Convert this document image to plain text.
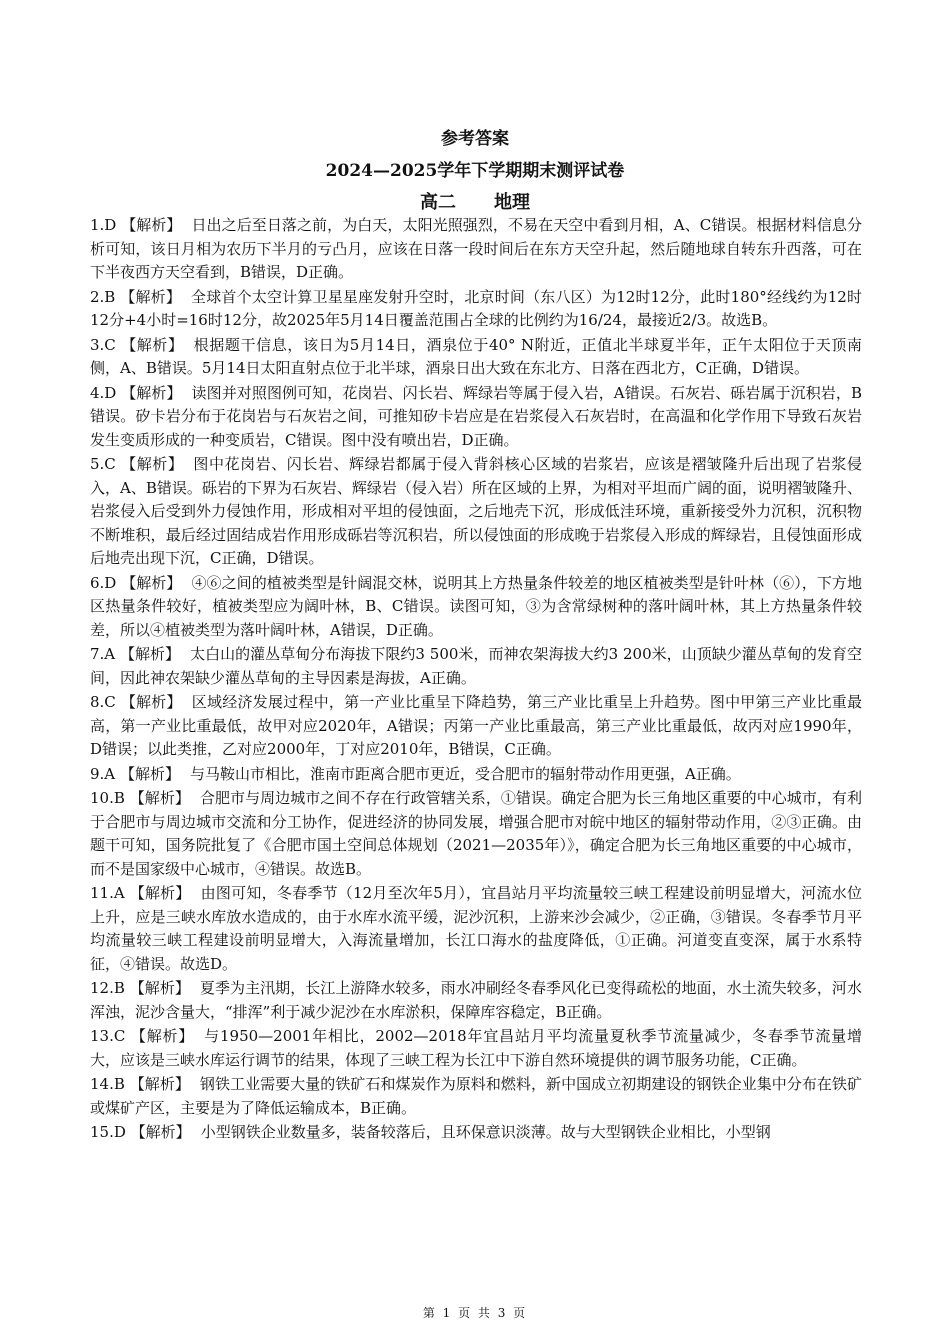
参考答案
2024—2025学年下学期期末测评试卷
高二 地理

1.D 【解析】 日出之后至日落之前，为白天，太阳光照强烈，不易在天空中看到月相，A、C错误。根据材料信息分析可知，该日月相为农历下半月的亏凸月，应该在日落一段时间后在东方天空升起，然后随地球自转东升西落，可在下半夜西方天空看到，B错误，D正确。

2.B 【解析】 全球首个太空计算卫星星座发射升空时，北京时间（东八区）为12时12分，此时180°经线约为12时12分+4小时=16时12分，故2025年5月14日覆盖范围占全球的比例约为16/24，最接近2/3。故选B。

3.C 【解析】 根据题干信息，该日为5月14日，酒泉位于40° N附近，正值北半球夏半年，正午太阳位于天顶南侧，A、B错误。5月14日太阳直射点位于北半球，酒泉日出大致在东北方、日落在西北方，C正确，D错误。

4.D 【解析】 读图并对照图例可知，花岗岩、闪长岩、辉绿岩等属于侵入岩，A错误。石灰岩、砾岩属于沉积岩，B错误。矽卡岩分布于花岗岩与石灰岩之间，可推知矽卡岩应是在岩浆侵入石灰岩时，在高温和化学作用下导致石灰岩发生变质形成的一种变质岩，C错误。图中没有喷出岩，D正确。

5.C 【解析】 图中花岗岩、闪长岩、辉绿岩都属于侵入背斜核心区域的岩浆岩，应该是褶皱隆升后出现了岩浆侵入，A、B错误。砾岩的下界为石灰岩、辉绿岩（侵入岩）所在区域的上界，为相对平坦而广阔的面，说明褶皱隆升、岩浆侵入后受到外力侵蚀作用，形成相对平坦的侵蚀面，之后地壳下沉，形成低洼环境，重新接受外力沉积，沉积物不断堆积，最后经过固结成岩作用形成砾岩等沉积岩，所以侵蚀面的形成晚于岩浆侵入形成的辉绿岩，且侵蚀面形成后地壳出现下沉，C正确，D错误。

6.D 【解析】 ④⑥之间的植被类型是针阔混交林，说明其上方热量条件较差的地区植被类型是针叶林（⑥），下方地区热量条件较好，植被类型应为阔叶林，B、C错误。读图可知，③为含常绿树种的落叶阔叶林，其上方热量条件较差，所以④植被类型为落叶阔叶林，A错误，D正确。

7.A 【解析】 太白山的灌丛草甸分布海拔下限约3 500米，而神农架海拔大约3 200米，山顶缺少灌丛草甸的发育空间，因此神农架缺少灌丛草甸的主导因素是海拔，A正确。

8.C 【解析】 区域经济发展过程中，第一产业比重呈下降趋势，第三产业比重呈上升趋势。图中甲第三产业比重最高，第一产业比重最低，故甲对应2020年，A错误；丙第一产业比重最高，第三产业比重最低，故丙对应1990年，D错误；以此类推，乙对应2000年，丁对应2010年，B错误，C正确。

9.A 【解析】 与马鞍山市相比，淮南市距离合肥市更近，受合肥市的辐射带动作用更强，A正确。

10.B 【解析】 合肥市与周边城市之间不存在行政管辖关系，①错误。确定合肥为长三角地区重要的中心城市，有利于合肥市与周边城市交流和分工协作，促进经济的协同发展，增强合肥市对皖中地区的辐射带动作用，②③正确。由题干可知，国务院批复了《合肥市国土空间总体规划（2021—2035年）》，确定合肥为长三角地区重要的中心城市，而不是国家级中心城市，④错误。故选B。

11.A 【解析】 由图可知，冬春季节（12月至次年5月），宜昌站月平均流量较三峡工程建设前明显增大，河流水位上升，应是三峡水库放水造成的，由于水库水流平缓，泥沙沉积，上游来沙会减少，②正确，③错误。冬春季节月平均流量较三峡工程建设前明显增大，入海流量增加，长江口海水的盐度降低，①正确。河道变直变深，属于水系特征，④错误。故选D。

12.B 【解析】 夏季为主汛期，长江上游降水较多，雨水冲刷经冬春季风化已变得疏松的地面，水土流失较多，河水浑浊，泥沙含量大，“排浑”利于减少泥沙在水库淤积，保障库容稳定，B正确。

13.C 【解析】 与1950—2001年相比，2002—2018年宜昌站月平均流量夏秋季节流量减少，冬春季节流量增大，应该是三峡水库运行调节的结果，体现了三峡工程为长江中下游自然环境提供的调节服务功能，C正确。

14.B 【解析】 钢铁工业需要大量的铁矿石和煤炭作为原料和燃料，新中国成立初期建设的钢铁企业集中分布在铁矿或煤矿产区，主要是为了降低运输成本，B正确。

15.D 【解析】 小型钢铁企业数量多，装备较落后，且环保意识淡薄。故与大型钢铁企业相比，小型钢

第 1 页 共 3 页
